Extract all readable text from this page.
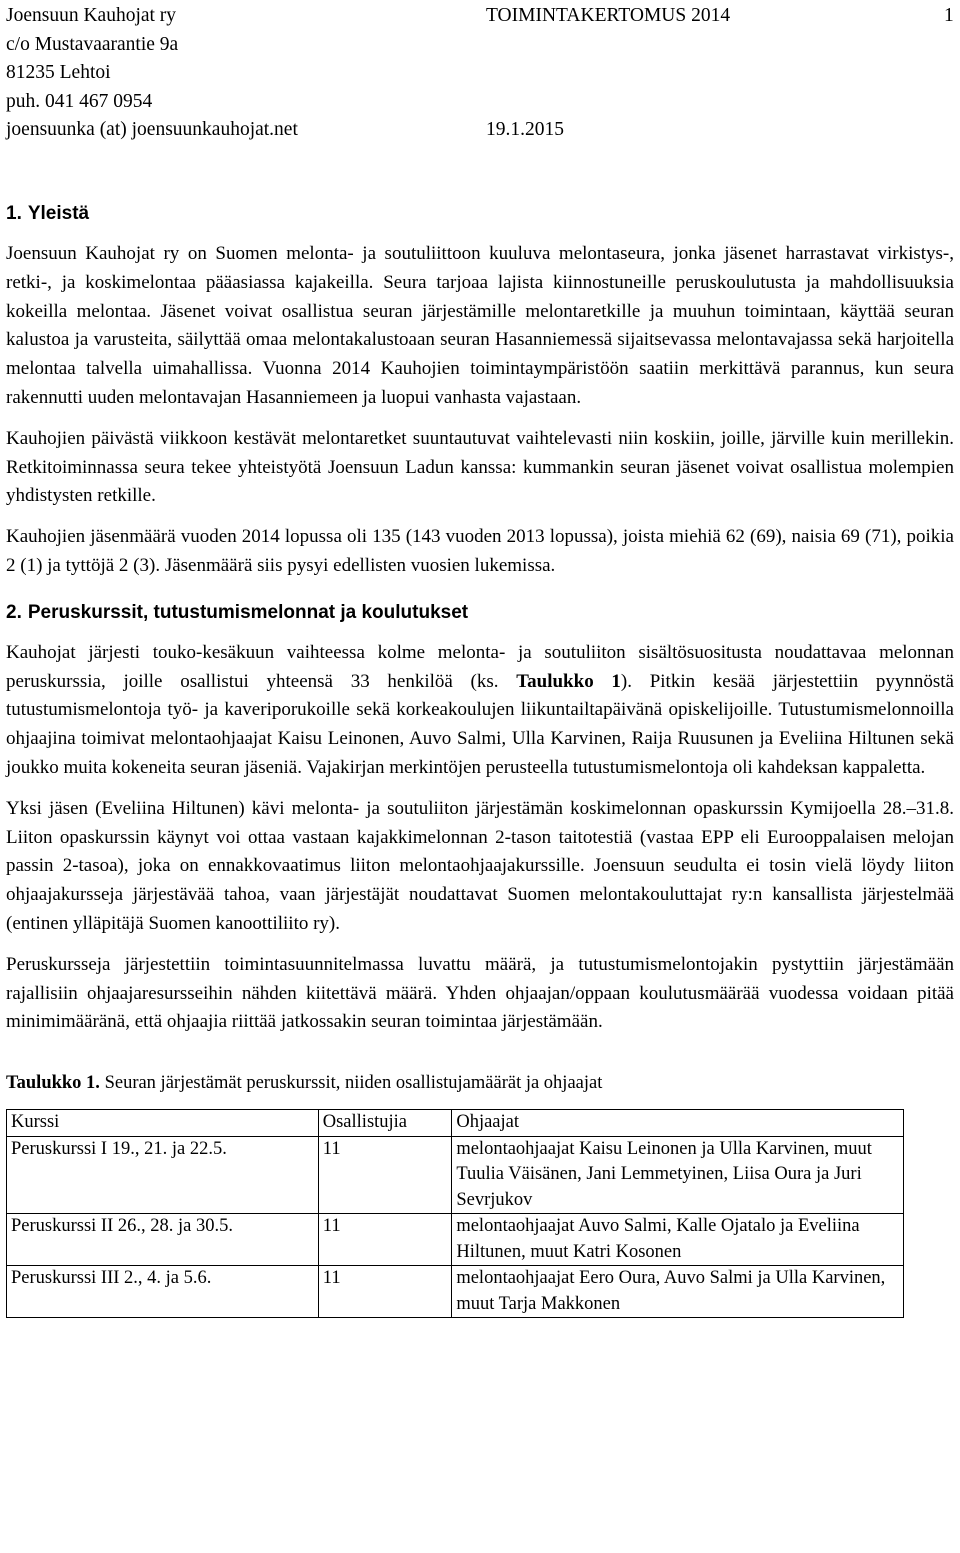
Joensuun Kauhojat ry
c/o Mustavaarantie 9a
81235 Lehtoi
puh. 041 467 0954
joensuunka (at) joensuunkauhojat.net
TOIMINTAKERTOMUS 2014	1
19.1.2015
1. Yleistä

Joensuun Kauhojat ry on Suomen melonta- ja soutuliittoon kuuluva melontaseura, jonka jäsenet harrastavat virkistys-, retki-, ja koskimelontaa pääasiassa kajakeilla. Seura tarjoaa lajista kiinnostuneille peruskoulutusta ja mahdollisuuksia kokeilla melontaa. Jäsenet voivat osallistua seuran järjestämille melontaretkille ja muuhun toimintaan, käyttää seuran kalustoa ja varusteita, säilyttää omaa melontakalustoaan seuran Hasanniemessä sijaitsevassa melontavajassa sekä harjoitella melontaa talvella uimahallissa. Vuonna 2014 Kauhojien toimintaympäristöön saatiin merkittävä parannus, kun seura rakennutti uuden melontavajan Hasanniemeen ja luopui vanhasta vajastaan.

Kauhojien päivästä viikkoon kestävät melontaretket suuntautuvat vaihtelevasti niin koskiin, joille, järville kuin merillekin. Retkitoiminnassa seura tekee yhteistyötä Joensuun Ladun kanssa: kummankin seuran jäsenet voivat osallistua molempien yhdistysten retkille.

Kauhojien jäsenmäärä vuoden 2014 lopussa oli 135 (143 vuoden 2013 lopussa), joista miehiä 62 (69), naisia 69 (71), poikia 2 (1) ja tyttöjä 2 (3). Jäsenmäärä siis pysyi edellisten vuosien lukemissa.

2. Peruskurssit, tutustumismelonnat ja koulutukset

Kauhojat järjesti touko-kesäkuun vaihteessa kolme melonta- ja soutuliiton sisältösuositusta noudattavaa melonnan peruskurssia, joille osallistui yhteensä 33 henkilöä (ks. Taulukko 1). Pitkin kesää järjestettiin pyynnöstä tutustumismelontoja työ- ja kaveriporukoille sekä korkeakoulujen liikuntailtapäivänä opiskelijoille. Tutustumismelonnoilla ohjaajina toimivat melontaohjaajat Kaisu Leinonen, Auvo Salmi, Ulla Karvinen, Raija Ruusunen ja Eveliina Hiltunen sekä joukko muita kokeneita seuran jäseniä. Vajakirjan merkintöjen perusteella tutustumismelontoja oli kahdeksan kappaletta.

Yksi jäsen (Eveliina Hiltunen) kävi melonta- ja soutuliiton järjestämän koskimelonnan opaskurssin Kymijoella 28.–31.8. Liiton opaskurssin käynyt voi ottaa vastaan kajakkimelonnan 2-tason taitotestiä (vastaa EPP eli Eurooppalaisen melojan passin 2-tasoa), joka on ennakkovaatimus liiton melontaohjaajakurssille. Joensuun seudulta ei tosin vielä löydy liiton ohjaajakursseja järjestävää tahoa, vaan järjestäjät noudattavat Suomen melontakouluttajat ry:n kansallista järjestelmää (entinen ylläpitäjä Suomen kanoottiliito ry).

Peruskursseja järjestettiin toimintasuunnitelmassa luvattu määrä, ja tutustumismelontojakin pystyttiin järjestämään rajallisiin ohjaajaresursseihin nähden kiitettävä määrä. Yhden ohjaajan/oppaan koulutusmäärää vuodessa voidaan pitää minimimääränä, että ohjaajia riittää jatkossakin seuran toimintaa järjestämään.

Taulukko 1. Seuran järjestämät peruskurssit, niiden osallistujamäärät ja ohjaajat
Kurssi	Osallistujia	Ohjaajat
Peruskurssi I 19., 21. ja 22.5.	11	melontaohjaajat Kaisu Leinonen ja Ulla Karvinen, muut Tuulia Väisänen, Jani Lemmetyinen, Liisa Oura ja Juri Sevrjukov
Peruskurssi II 26., 28. ja 30.5.	11	melontaohjaajat Auvo Salmi, Kalle Ojatalo ja Eveliina Hiltunen, muut Katri Kosonen
Peruskurssi III 2., 4. ja 5.6.	11	melontaohjaajat Eero Oura, Auvo Salmi ja Ulla Karvinen, muut Tarja Makkonen
